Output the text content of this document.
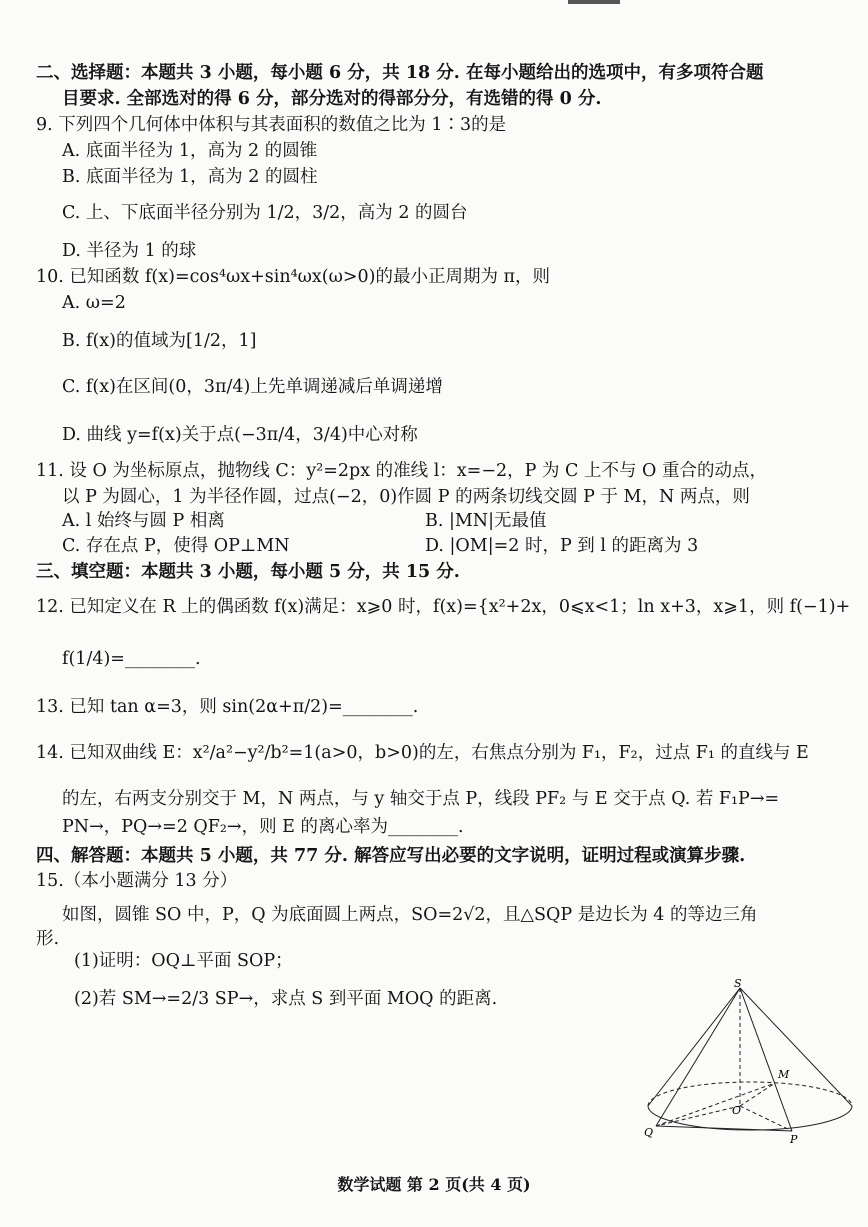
二、选择题：本题共 3 小题，每小题 6 分，共 18 分. 在每小题给出的选项中，有多项符合题
目要求. 全部选对的得 6 分，部分选对的得部分分，有选错的得 0 分.
9. 下列四个几何体中体积与其表面积的数值之比为 1∶3的是
A. 底面半径为 1，高为 2 的圆锥
B. 底面半径为 1，高为 2 的圆柱
C. 上、下底面半径分别为 1/2，3/2，高为 2 的圆台
D. 半径为 1 的球
10. 已知函数 f(x)=cos⁴ωx+sin⁴ωx(ω>0)的最小正周期为 π，则
A. ω=2
B. f(x)的值域为[1/2，1]
C. f(x)在区间(0，3π/4)上先单调递减后单调递增
D. 曲线 y=f(x)关于点(−3π/4，3/4)中心对称
11. 设 O 为坐标原点，抛物线 C：y²=2px 的准线 l：x=−2，P 为 C 上不与 O 重合的动点，
以 P 为圆心，1 为半径作圆，过点(−2，0)作圆 P 的两条切线交圆 P 于 M，N 两点，则
A. l 始终与圆 P 相离	B. |MN|无最值
C. 存在点 P，使得 OP⊥MN	D. |OM|=2 时，P 到 l 的距离为 3
三、填空题：本题共 3 小题，每小题 5 分，共 15 分.
12. 已知定义在 R 上的偶函数 f(x)满足：x⩾0 时，f(x)={x²+2x，0⩽x<1；ln x+3，x⩾1，则 f(−1)+
f(1/4)=________.
13. 已知 tan α=3，则 sin(2α+π/2)=________.
14. 已知双曲线 E：x²/a²−y²/b²=1(a>0，b>0)的左，右焦点分别为 F₁，F₂，过点 F₁ 的直线与 E
的左，右两支分别交于 M，N 两点，与 y 轴交于点 P，线段 PF₂ 与 E 交于点 Q. 若 F₁P→=
PN→，PQ→=2 QF₂→，则 E 的离心率为________.
四、解答题：本题共 5 小题，共 77 分. 解答应写出必要的文字说明，证明过程或演算步骤.
15.（本小题满分 13 分）
如图，圆锥 SO 中，P，Q 为底面圆上两点，SO=2√2，且△SQP 是边长为 4 的等边三角
形.
(1)证明：OQ⊥平面 SOP；
(2)若 SM→=2/3 SP→，求点 S 到平面 MOQ 的距离.
S
M
O
Q
P
数学试题 第 2 页(共 4 页)
